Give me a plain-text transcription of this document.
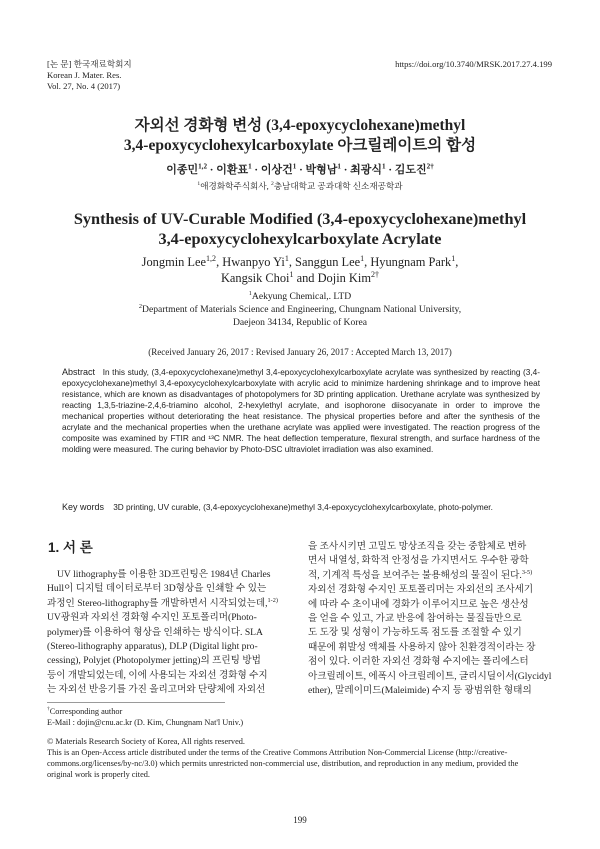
[논 문] 한국재료학회지
Korean J. Mater. Res.
Vol. 27, No. 4 (2017)
https://doi.org/10.3740/MRSK.2017.27.4.199
자외선 경화형 변성 (3,4-epoxycyclohexane)methyl
3,4-epoxycyclohexylcarboxylate 아크릴레이트의 합성
이종민$^{1,2}$ · 이환표$^1$ · 이상건$^1$ · 박형남$^1$ · 최광식$^1$ · 김도진$^{2\dagger}$
$^1$애경화학주식회사, $^2$충남대학교 공과대학 신소재공학과
Synthesis of UV-Curable Modified (3,4-epoxycyclohexane)methyl
3,4-epoxycyclohexylcarboxylate Acrylate
Jongmin Lee$^{1,2}$, Hwanpyo Yi$^1$, Sanggun Lee$^1$, Hyungnam Park$^1$,
Kangsik Choi$^1$ and Dojin Kim$^{2\dagger}$
$^1$Aekyung Chemical,. LTD
$^2$Department of Materials Science and Engineering, Chungnam National University,
Daejeon 34134, Republic of Korea
(Received January 26, 2017 : Revised January 26, 2017 : Accepted March 13, 2017)
Abstract In this study, (3,4-epoxycyclohexane)methyl 3,4-epoxycyclohexylcarboxylate acrylate was synthesized by reacting (3,4-epoxycyclohexane)methyl 3,4-epoxycyclohexylcarboxylate with acrylic acid to minimize hardening shrinkage and to improve heat resistance, which are known as disadvantages of photopolymers for 3D printing application. Urethane acrylate was synthesized by reacting 1,3,5-triazine-2,4,6-triamino alcohol, 2-hexylethyl acrylate, and isophorone diisocyanate in order to improve the mechanical properties without deteriorating the heat resistance. The physical properties before and after the synthesis of the acrylate and the mechanical properties when the urethane acrylate was applied were investigated. The reaction progress of the composite was examined by FTIR and ¹³C NMR. The heat deflection temperature, flexural strength, and surface hardness of the molding were measured. The curing behavior by Photo-DSC ultraviolet irradiation was also examined.
Key words 3D printing, UV curable, (3,4-epoxycyclohexane)methyl 3,4-epoxycyclohexylcarboxylate, photo-polymer.
1. 서 론
UV lithography를 이용한 3D프린팅은 1984년 Charles
Hull이 디지털 데이터로부터 3D형상을 인쇄할 수 있는
과정인 Stereo-lithography를 개발하면서 시작되었는데,$^{1-2)}$
UV광원과 자외선 경화형 수지인 포토폴리머(Photo-
polymer)를 이용하여 형상을 인쇄하는 방식이다. SLA
(Stereo-lithography apparatus), DLP (Digital light pro-
cessing), Polyjet (Photopolymer jetting)의 프린팅 방법
등이 개발되었는데, 이에 사용되는 자외선 경화형 수지
는 자외선 반응기를 가진 올리고머와 단량체에 자외선
을 조사시키면 고밀도 망상조직을 갖는 중합체로 변하
면서 내열성, 화학적 안정성을 가지면서도 우수한 광학
적, 기계적 특성을 보여주는 불용해성의 물질이 된다.$^{3-5)}$
자외선 경화형 수지인 포토폴리머는 자외선의 조사세기
에 따라 수 초이내에 경화가 이루어지므로 높은 생산성
을 얻을 수 있고, 가교 반응에 참여하는 물질들만으로
도 도장 및 성형이 가능하도록 점도를 조절할 수 있기
때문에 휘발성 액체를 사용하지 않아 친환경적이라는 장
점이 있다. 이러한 자외선 경화형 수지에는 폴리에스터
아크릴레이트, 에폭시 아크릴레이트, 글리시딜이서(Glycidyl
ether), 말레이미드(Maleimide) 수지 등 광범위한 형태의
†Corresponding author
E-Mail : dojin@cnu.ac.kr (D. Kim, Chungnam Nat'l Univ.)
© Materials Research Society of Korea, All rights reserved.
This is an Open-Access article distributed under the terms of the Creative Commons Attribution Non-Commercial License (http://creative-
commons.org/licenses/by-nc/3.0) which permits unrestricted non-commercial use, distribution, and reproduction in any medium, provided the
original work is properly cited.
199
